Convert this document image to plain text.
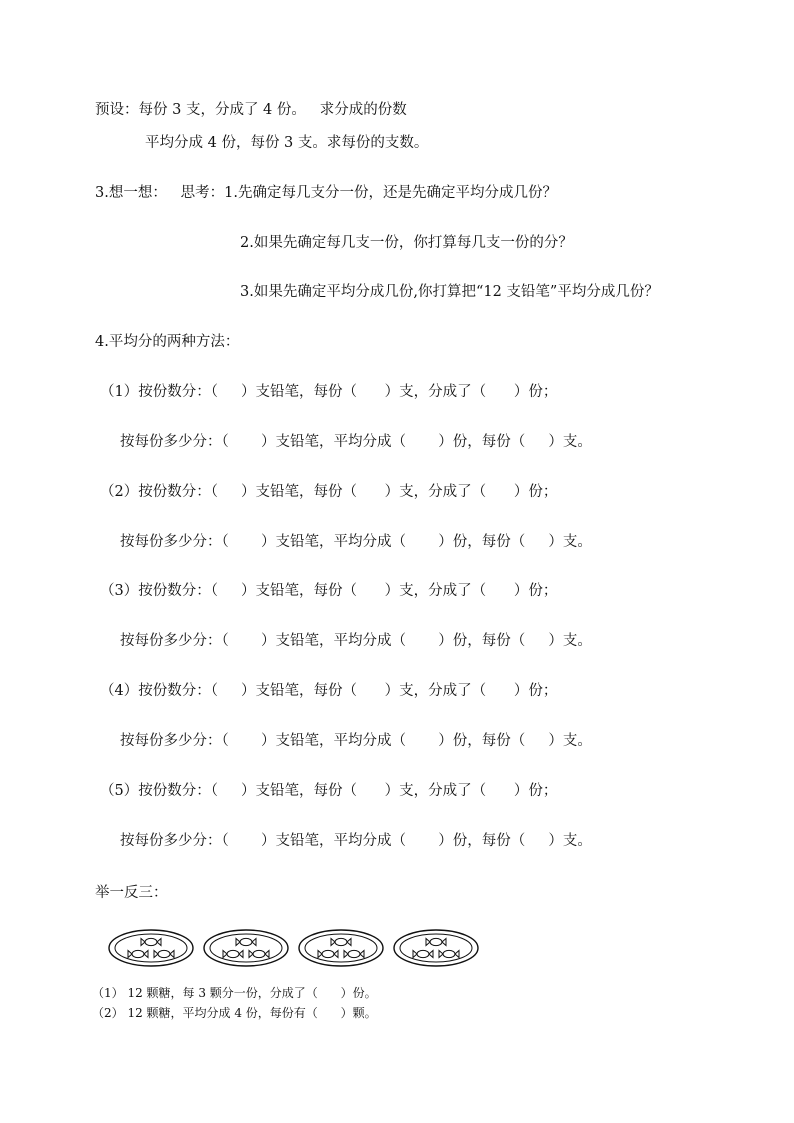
预设：每份 3 支，分成了 4 份。   求分成的份数
平均分成 4 份，每份 3 支。求每份的支数。
3.想一想：   思考：1.先确定每几支分一份，还是先确定平均分成几份？
2.如果先确定每几支一份，你打算每几支一份的分？
3.如果先确定平均分成几份,你打算把“12 支铅笔”平均分成几份？
4.平均分的两种方法：
（1）按份数分：（     ）支铅笔，每份（      ）支，分成了（      ）份；
按每份多少分：（       ）支铅笔，平均分成（       ）份，每份（     ）支。
（2）按份数分：（     ）支铅笔，每份（      ）支，分成了（      ）份；
按每份多少分：（       ）支铅笔，平均分成（       ）份，每份（     ）支。
（3）按份数分：（     ）支铅笔，每份（      ）支，分成了（      ）份；
按每份多少分：（       ）支铅笔，平均分成（       ）份，每份（     ）支。
（4）按份数分：（     ）支铅笔，每份（      ）支，分成了（      ）份；
按每份多少分：（       ）支铅笔，平均分成（       ）份，每份（     ）支。
（5）按份数分：（     ）支铅笔，每份（      ）支，分成了（      ）份；
按每份多少分：（       ）支铅笔，平均分成（       ）份，每份（     ）支。
举一反三：
（1） 12 颗糖，每 3 颗分一份，分成了（      ）份。
（2） 12 颗糖，平均分成 4 份，每份有（      ）颗。
